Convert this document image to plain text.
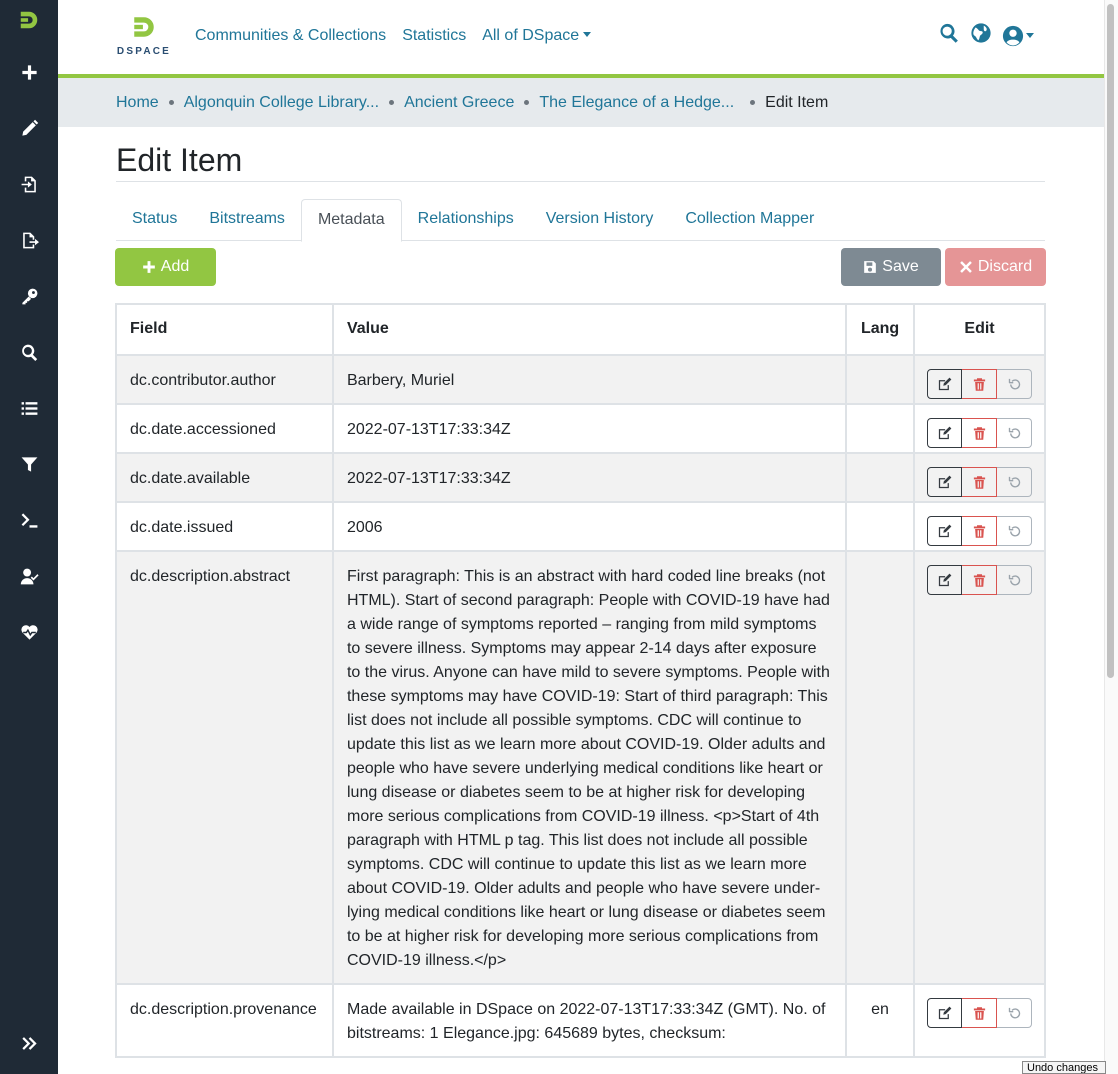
DSPACE
Communities & Collections Statistics All of DSpace
Home Algonquin College Library... Ancient Greece The Elegance of a Hedge... Edit Item
Edit Item
Status	Bitstreams	Metadata	Relationships	Version History	Collection Mapper
Add	Save	Discard
Field	Value	Lang	Edit
dc.contributor.author	Barbery, Muriel		

dc.date.accessioned	2022-07-13T17:33:34Z		

dc.date.available	2022-07-13T17:33:34Z		

dc.date.issued	2006		

dc.description.abstract	First paragraph: This is an abstract with hard coded line breaks (not HTML). Start of second paragraph: People with COVID-19 have had a wide range of symptoms reported – ranging from mild symptoms to severe illness. Symptoms may appear 2-14 days after exposure to the virus. Anyone can have mild to severe symptoms. People with these symptoms may have COVID-19: Start of third paragraph: This list does not include all possible symptoms. CDC will continue to update this list as we learn more about COVID-19. Older adults and people who have severe underlying medical conditions like heart or lung disease or diabetes seem to be at higher risk for developing more serious complications from COVID-19 illness. <p>Start of 4th paragraph with HTML p tag. This list does not include all possible symptoms. CDC will continue to update this list as we learn more about COVID-19. Older adults and people who have severe under-lying medical conditions like heart or lung disease or diabetes seem to be at higher risk for developing more serious complications from COVID-19 illness.</p>		

dc.description.provenance	Made available in DSpace on 2022-07-13T17:33:34Z (GMT). No. of bitstreams: 1 Elegance.jpg: 645689 bytes, checksum:	en	
Undo changes
